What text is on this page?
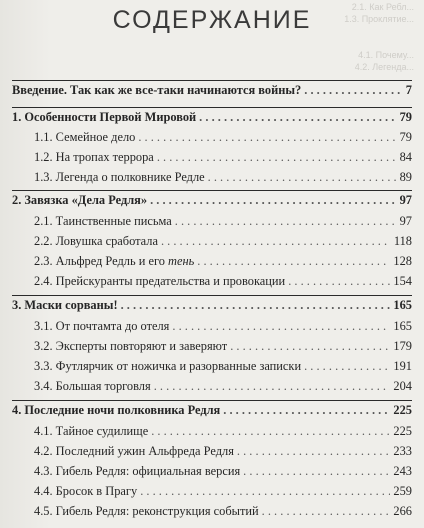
2.1. Как Ребл...
1.3. Проклятие...
4.1. Почему...
4.2. Легенда...
СОДЕРЖАНИЕ
Введение. Так как же все-таки начинаются войны? . . .	7
1. Особенности Первой Мировой . . .	79
1.1. Семейное дело . . .	79
1.2. На тропах террора . . .	84
1.3. Легенда о полковнике Редле . . .	89
2. Завязка «Дела Редля» . . .	97
2.1. Таинственные письма . . .	97
2.2. Ловушка сработала . . .	118
2.3. Альфред Редль и его тень . . .	128
2.4. Прейскуранты предательства и провокации . . .	154
3. Маски сорваны! . . .	165
3.1. От почтамта до отеля . . .	165
3.2. Эксперты повторяют и заверяют . . .	179
3.3. Футлярчик от ножичка и разорванные записки . . .	191
3.4. Большая торговля . . .	204
4. Последние ночи полковника Редля . . .	225
4.1. Тайное судилище . . .	225
4.2. Последний ужин Альфреда Редля . . .	233
4.3. Гибель Редля: официальная версия . . .	243
4.4. Бросок в Прагу . . .	259
4.5. Гибель Редля: реконструкция событий . . .	266
